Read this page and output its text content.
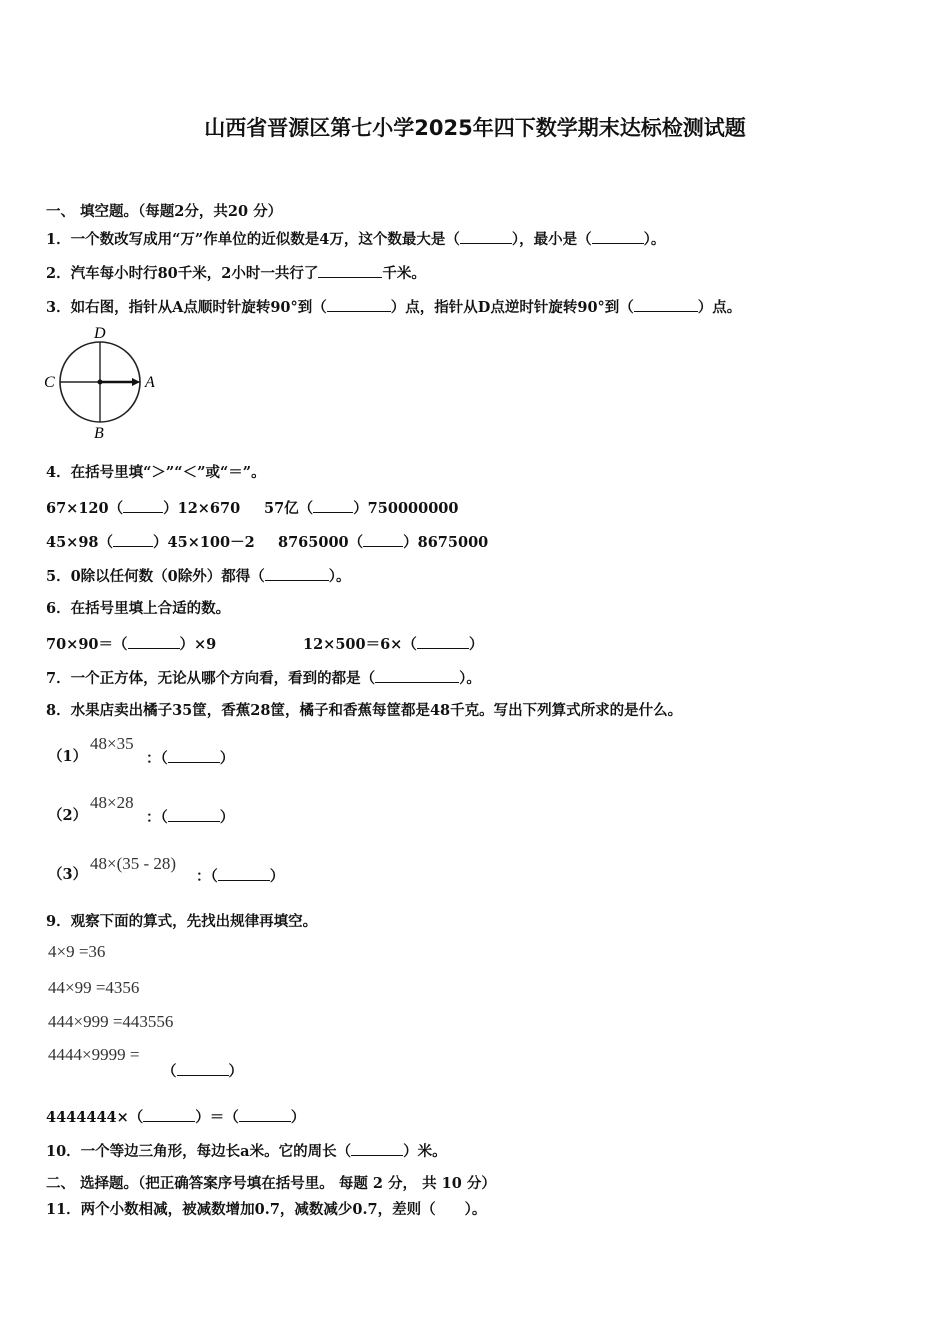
山西省晋源区第七小学2025年四下数学期末达标检测试题
一、 填空题。（每题2分，共20 分）
1．一个数改写成用“万”作单位的近似数是4万，这个数最大是（	），最小是（	）。
2．汽车每小时行80千米，2小时一共行了	千米。
3．如右图，指针从A点顺时针旋转90°到（	）点，指针从D点逆时针旋转90°到（	）点。
D
A
B
C
4．在括号里填“＞”“＜”或“＝”。
67×120（	）12×670 57亿（	）750000000
45×98（	）45×100－2 8765000（	）8675000
5．0除以任何数（0除外）都得（	）。
6．在括号里填上合适的数。
70×90＝（	）×9	12×500＝6×（	）
7．一个正方体，无论从哪个方向看，看到的都是（	）。
8．水果店卖出橘子35筐，香蕉28筐，橘子和香蕉每筐都是48千克。写出下列算式所求的是什么。
（1）
48×35
：（	）
（2）
48×28
：（	）
（3）
48×(35 - 28)
：（	）
9．观察下面的算式，先找出规律再填空。
4×9 =36
44×99 =4356
444×999 =443556
4444×9999 =
（	）
4444444×（	）＝（	）
10．一个等边三角形，每边长a米。它的周长（	）米。
二、 选择题。（把正确答案序号填在括号里。 每题 2 分， 共 10 分）
11．两个小数相减，被减数增加0.7，减数减少0.7，差则（　　）。
